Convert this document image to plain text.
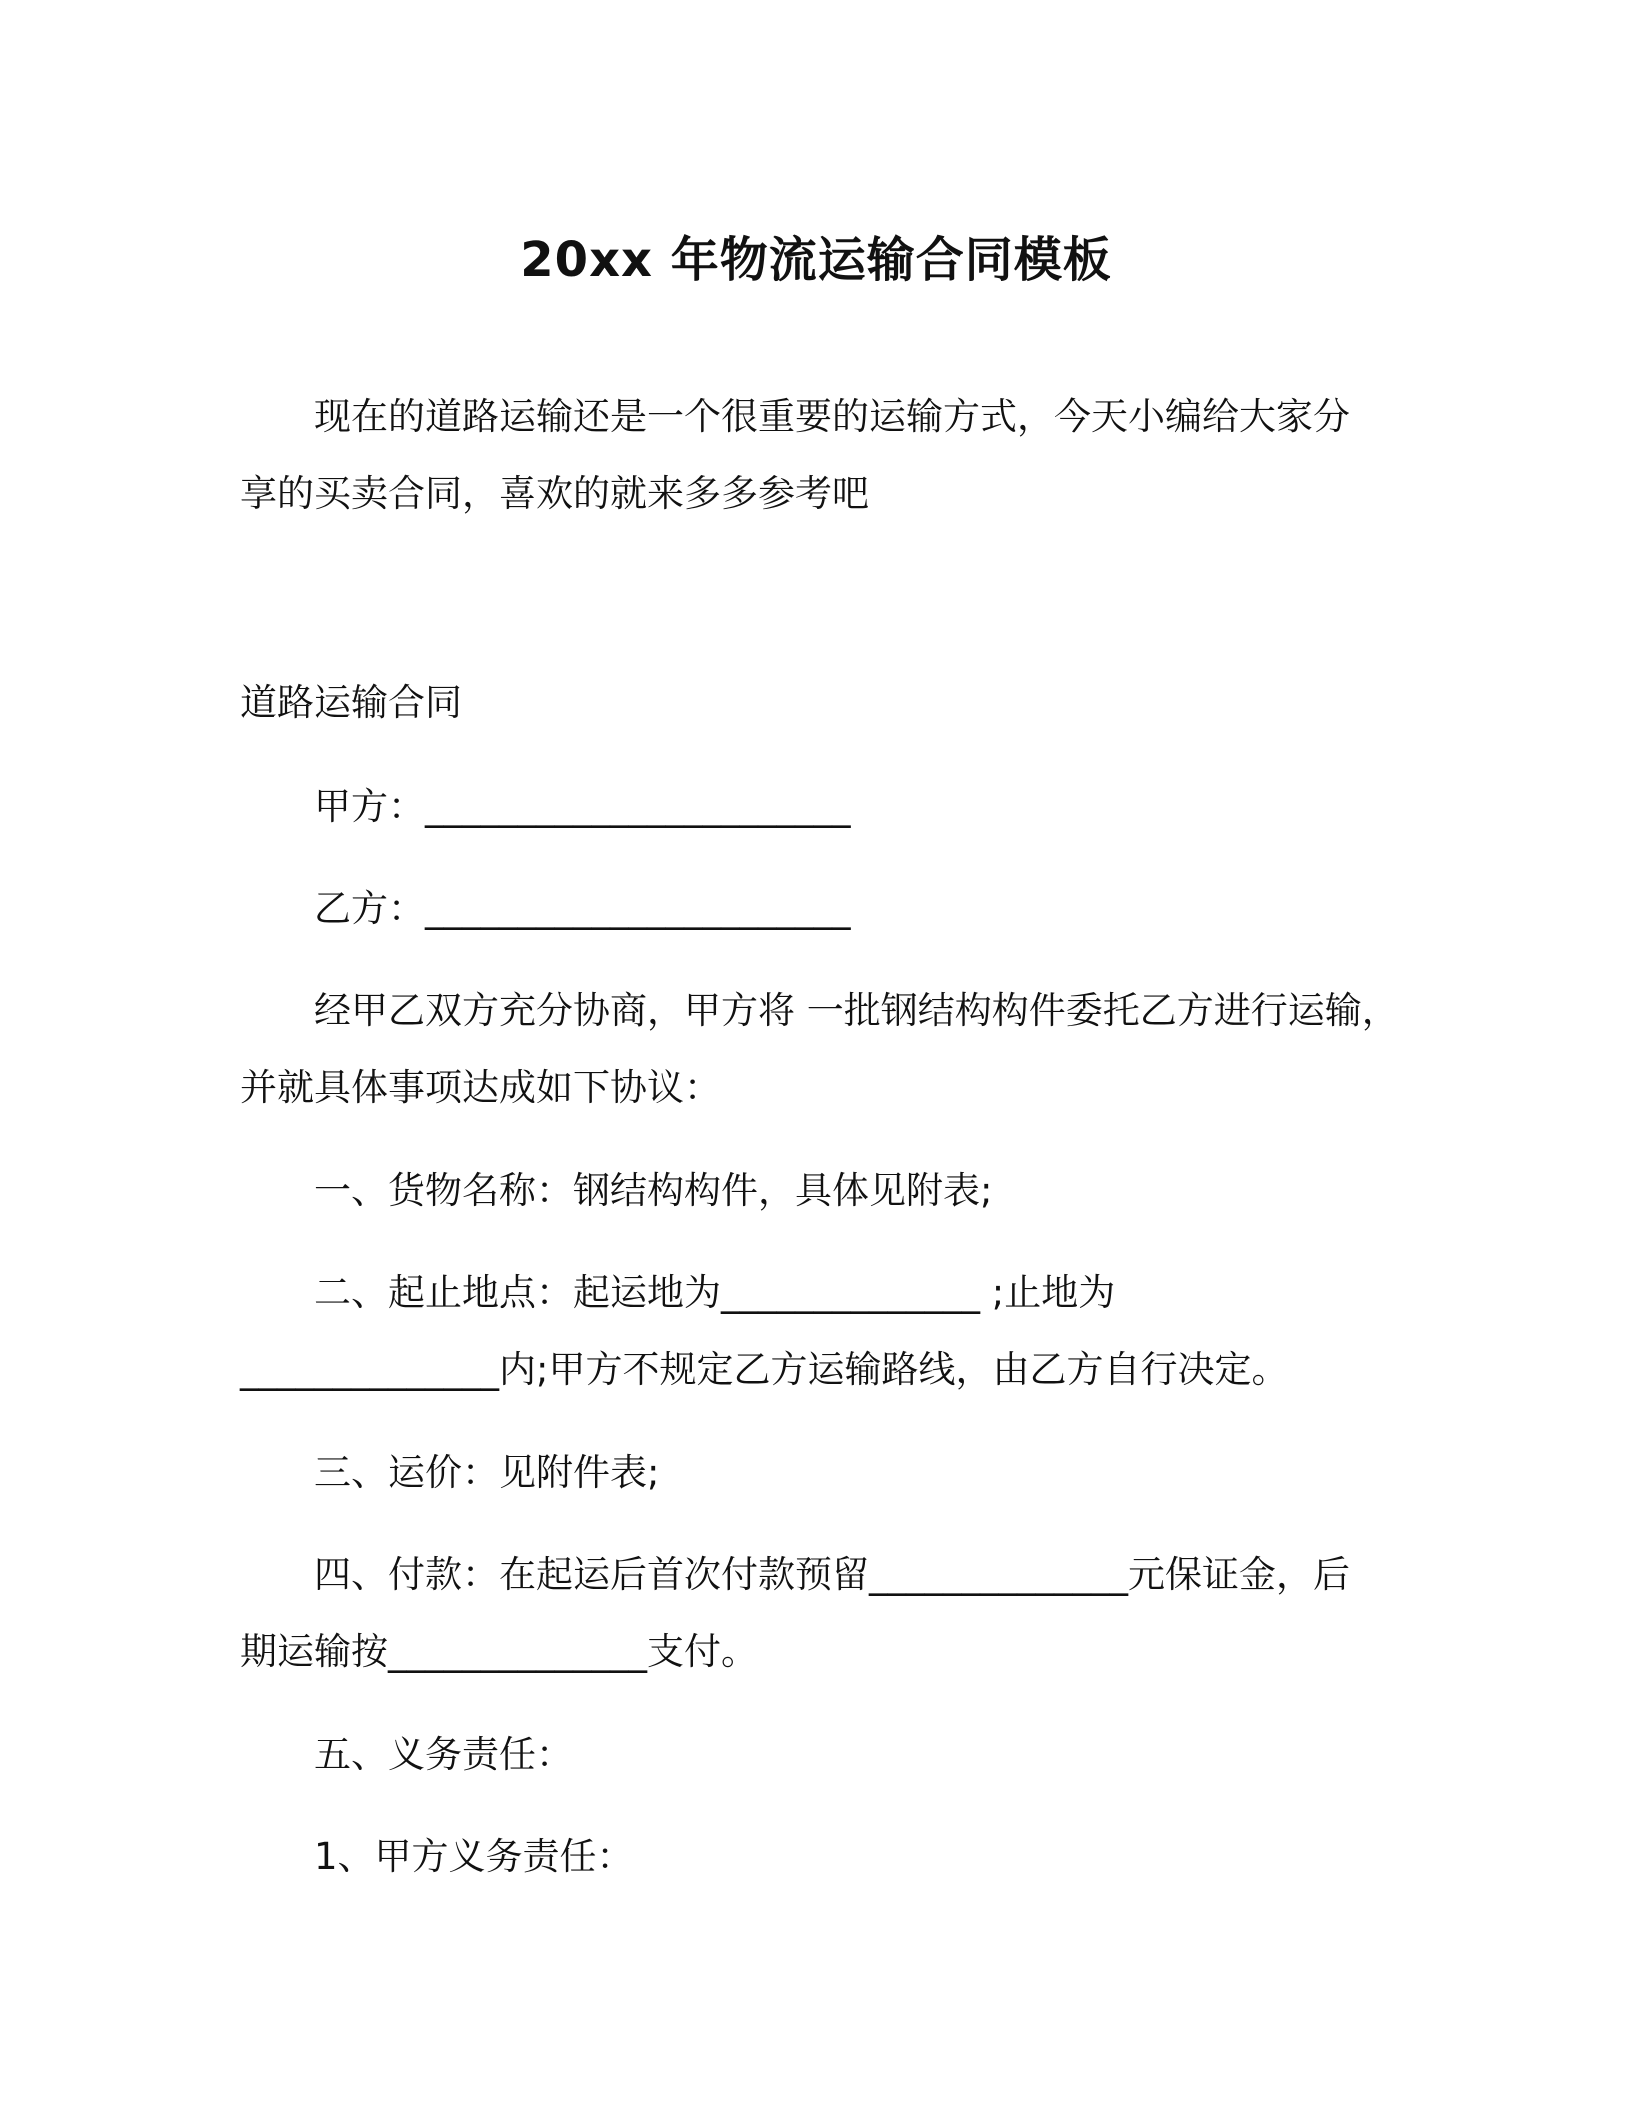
20xx 年物流运输合同模板
现在的道路运输还是一个很重要的运输方式，今天小编给大家分
享的买卖合同，喜欢的就来多多参考吧
道路运输合同
甲方：_______________________
乙方：_______________________
经甲乙双方充分协商，甲方将 一批钢结构构件委托乙方进行运输，
并就具体事项达成如下协议：
一、货物名称：钢结构构件，具体见附表;
二、起止地点：起运地为______________ ;止地为
______________内;甲方不规定乙方运输路线，由乙方自行决定。
三、运价：见附件表;
四、付款：在起运后首次付款预留______________元保证金，后
期运输按______________支付。
五、义务责任：
1、甲方义务责任：
